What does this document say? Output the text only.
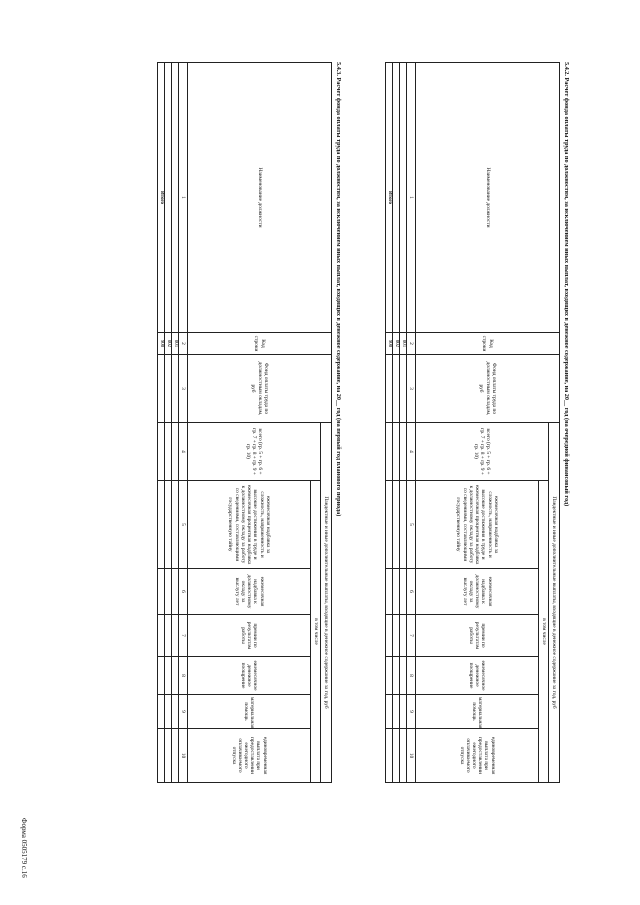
Форма 0505179 с.16
5.4.2. Расчет фонда оплаты труда по должностям, за исключением иных выплат, входящих в денежное содержание, на 20__ год (на очередной финансовый год)
Наименование должности	Код строки	Фонд оплаты труда по должностным окладам, руб	Пандектные и иные дополнительные выплаты, входящие в денежное содержание за год, руб	
			всего (гр. 5 + гр. 6 + гр. 7 + гр. 8 + гр. 9 + гр. 10)	в том числе						
				ежемесячная надбавка за сложность, напряженность и высокие достижения в труде и ежемесячная процентная надбавка к должностному окладу за работу со сведениями, составляющими государственную тайну	ежемесячная надбавка к должностному окладу за выслугу лет	премии по результатам работы	ежемесячное денежное поощрение	материальная помощь	единовременная выплата при предоставлении ежегодного оплачиваемого отпуска	
1	2	3	4	5	6	7	8	9	10	
	001									
	002									
Итого	900									
5.4.3. Расчет фонда оплаты труда по должностям, за исключением иных выплат, входящих в денежное содержание, на 20__ год (на первый год планового периода)
Наименование должности	Код строки	Фонд оплаты труда по должностным окладам, руб	Пандектные и иные дополнительные выплаты, входящие в денежное содержание за год, руб	
			всего (гр. 5 + гр. 6 + гр. 7 + гр. 8 + гр. 9 + гр. 10)	в том числе						
				ежемесячная надбавка за сложность, напряженность и высокие достижения в труде и ежемесячная процентная надбавка к должностному окладу за работу со сведениями, составляющими государственную тайну	ежемесячная надбавка к должностному окладу за выслугу лет	премии по результатам работы	ежемесячное денежное поощрение	материальная помощь	единовременная выплата при предоставлении ежегодного оплачиваемого отпуска	
1	2	3	4	5	6	7	8	9	10	
	001									
	002									
Итого	900									
